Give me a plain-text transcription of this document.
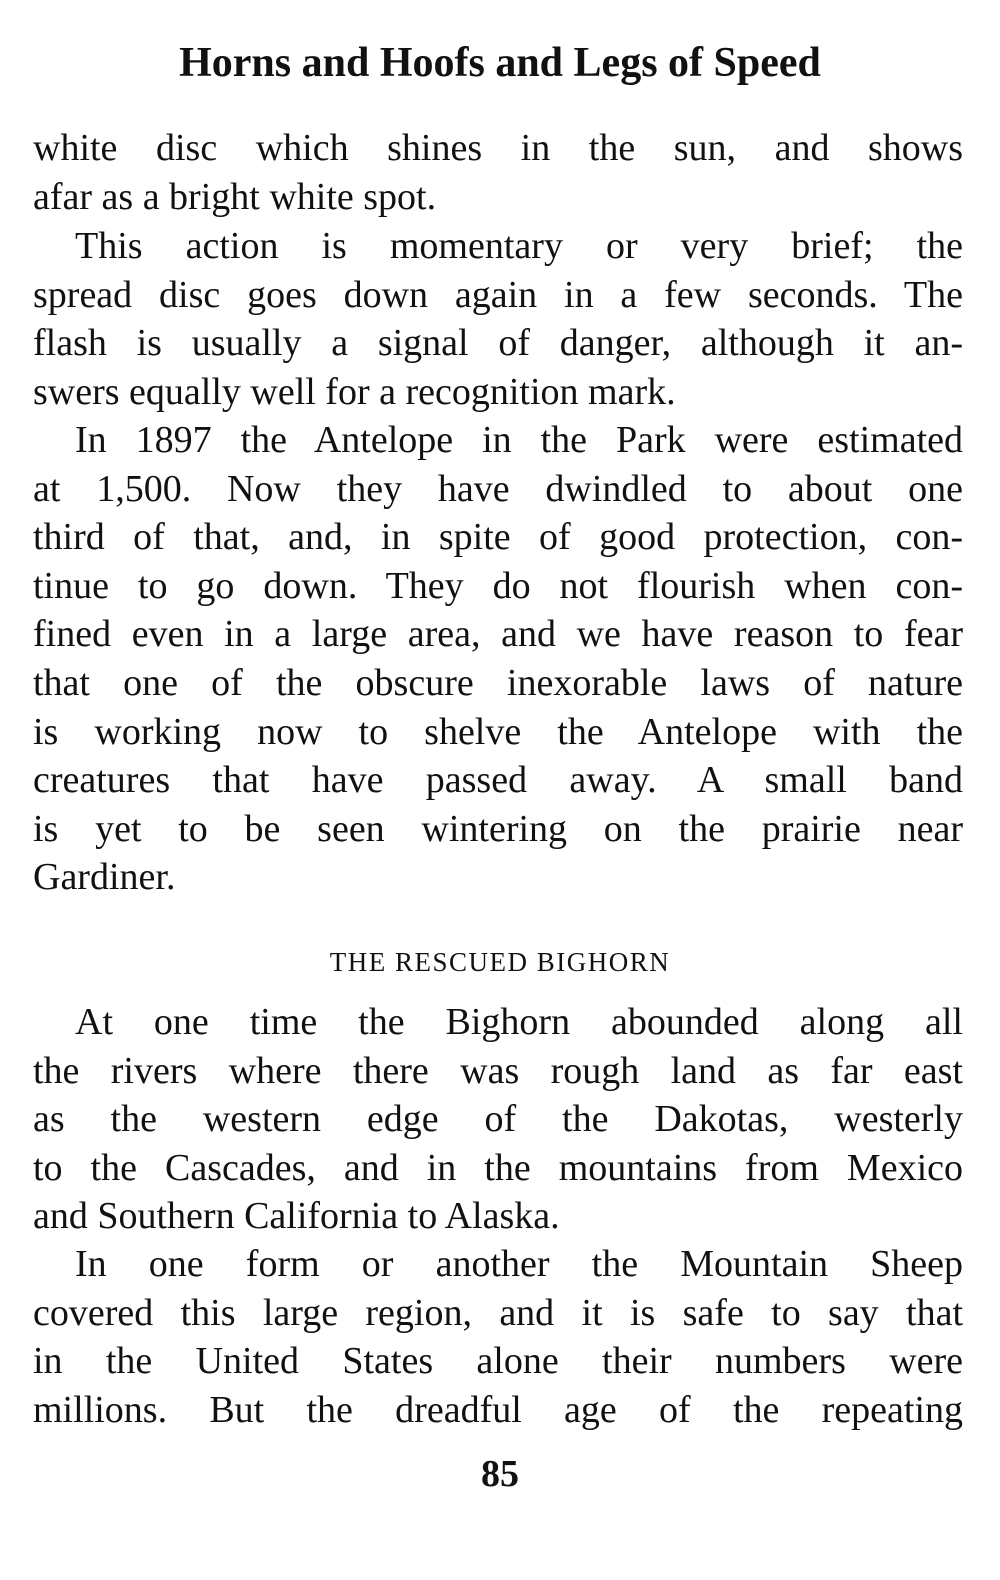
Horns and Hoofs and Legs of Speed
white disc which shines in the sun, and shows
afar as a bright white spot.
This action is momentary or very brief; the
spread disc goes down again in a few seconds. The
flash is usually a signal of danger, although it an-
swers equally well for a recognition mark.
In 1897 the Antelope in the Park were estimated
at 1,500. Now they have dwindled to about one
third of that, and, in spite of good protection, con-
tinue to go down. They do not flourish when con-
fined even in a large area, and we have reason to fear
that one of the obscure inexorable laws of nature
is working now to shelve the Antelope with the
creatures that have passed away. A small band
is yet to be seen wintering on the prairie near
Gardiner.
THE RESCUED BIGHORN
At one time the Bighorn abounded along all
the rivers where there was rough land as far east
as the western edge of the Dakotas, westerly
to the Cascades, and in the mountains from Mexico
and Southern California to Alaska.
In one form or another the Mountain Sheep
covered this large region, and it is safe to say that
in the United States alone their numbers were
millions. But the dreadful age of the repeating
85
